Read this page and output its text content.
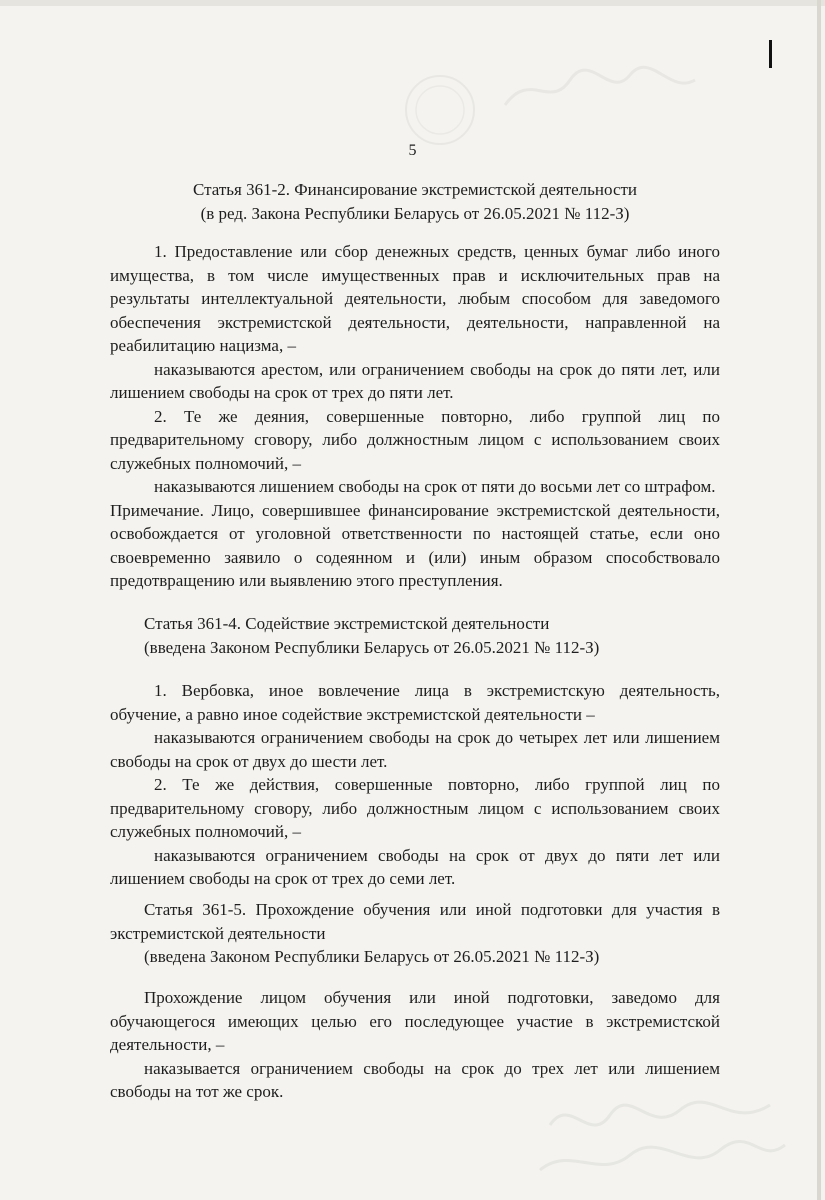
5

Статья 361-2. Финансирование экстремистской деятельности

(в ред. Закона Республики Беларусь от 26.05.2021 № 112-З)

1. Предоставление или сбор денежных средств, ценных бумаг либо иного имущества, в том числе имущественных прав и исключительных прав на результаты интеллектуальной деятельности, любым способом для заведомого обеспечения экстремистской деятельности, деятельности, направленной на реабилитацию нацизма, –

наказываются арестом, или ограничением свободы на срок до пяти лет, или лишением свободы на срок от трех до пяти лет.

2. Те же деяния, совершенные повторно, либо группой лиц по предварительному сговору, либо должностным лицом с использованием своих служебных полномочий, –

наказываются лишением свободы на срок от пяти до восьми лет со штрафом.

Примечание. Лицо, совершившее финансирование экстремистской деятельности, освобождается от уголовной ответственности по настоящей статье, если оно своевременно заявило о содеянном и (или) иным образом способствовало предотвращению или выявлению этого преступления.

Статья 361-4. Содействие экстремистской деятельности

(введена Законом Республики Беларусь от 26.05.2021 № 112-З)

1. Вербовка, иное вовлечение лица в экстремистскую деятельность, обучение, а равно иное содействие экстремистской деятельности –

наказываются ограничением свободы на срок до четырех лет или лишением свободы на срок от двух до шести лет.

2. Те же действия, совершенные повторно, либо группой лиц по предварительному сговору, либо должностным лицом с использованием своих служебных полномочий, –

наказываются ограничением свободы на срок от двух до пяти лет или лишением свободы на срок от трех до семи лет.

Статья 361-5. Прохождение обучения или иной подготовки для участия в экстремистской деятельности

(введена Законом Республики Беларусь от 26.05.2021 № 112-З)

Прохождение лицом обучения или иной подготовки, заведомо для обучающегося имеющих целью его последующее участие в экстремистской деятельности, –

наказывается ограничением свободы на срок до трех лет или лишением свободы на тот же срок.
